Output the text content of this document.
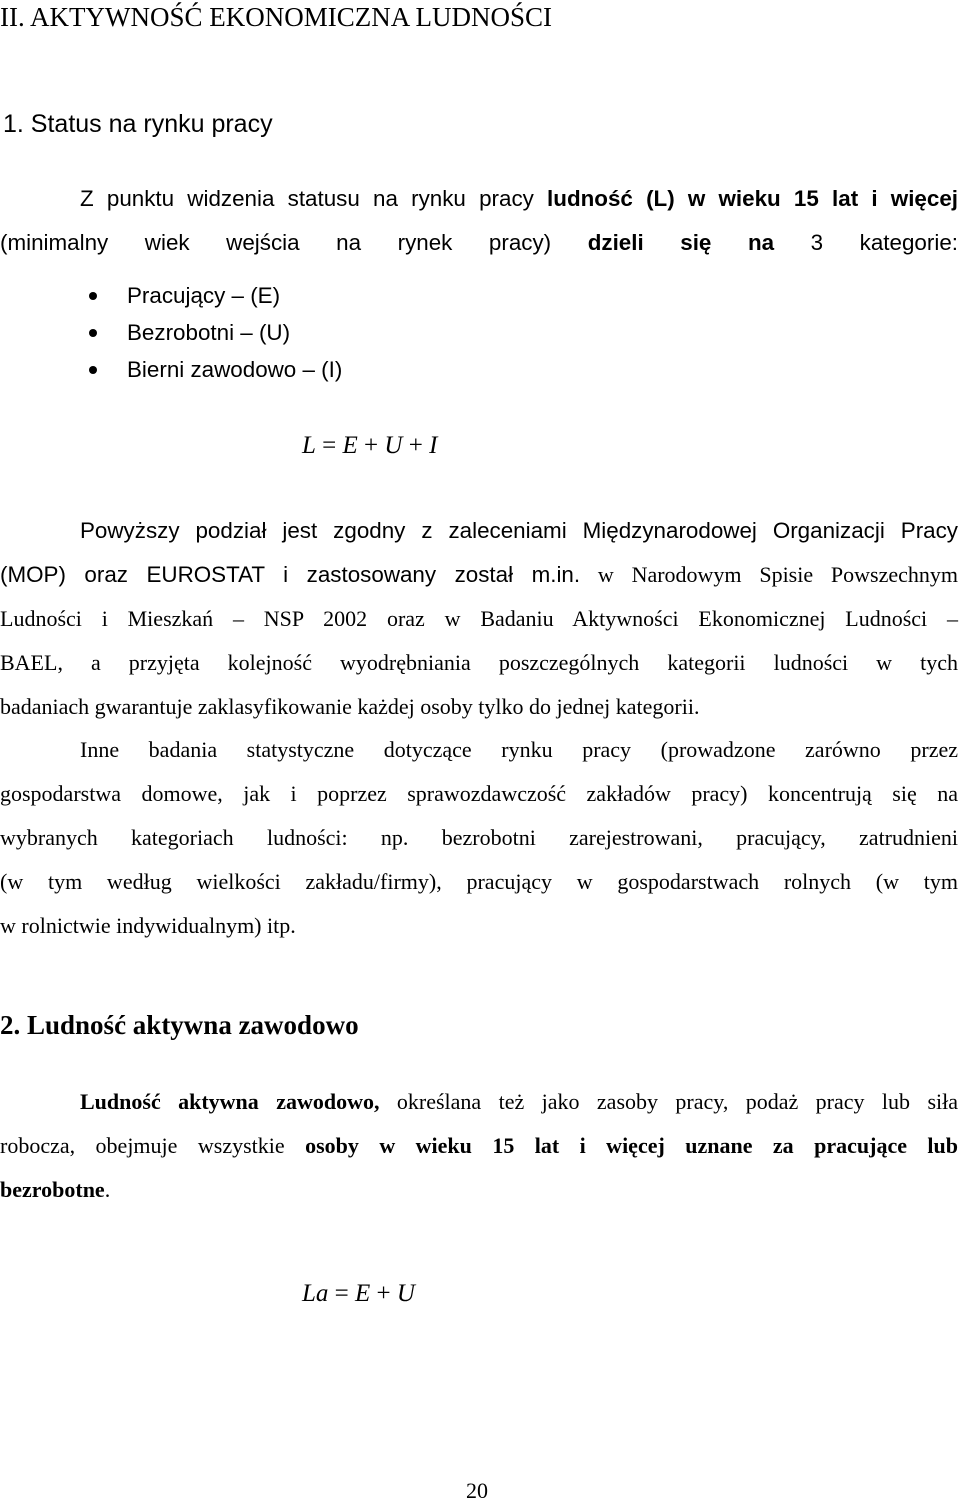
II. AKTYWNOŚĆ EKONOMICZNA LUDNOŚCI
1. Status na rynku pracy
Z punktu widzenia statusu na rynku pracy ludność (L) w wieku 15 lat i więcej
(minimalny wiek wejścia na rynek pracy) dzieli się na 3 kategorie:
Pracujący – (E)
Bezrobotni – (U)
Bierni zawodowo – (I)
L = E + U + I
Powyższy podział jest zgodny z zaleceniami Międzynarodowej Organizacji Pracy
(MOP) oraz EUROSTAT i zastosowany został m.in. w Narodowym Spisie Powszechnym
Ludności i Mieszkań – NSP 2002 oraz w Badaniu Aktywności Ekonomicznej Ludności –
BAEL, a przyjęta kolejność wyodrębniania poszczególnych kategorii ludności w tych
badaniach gwarantuje zaklasyfikowanie każdej osoby tylko do jednej kategorii.
Inne badania statystyczne dotyczące rynku pracy (prowadzone zarówno przez
gospodarstwa domowe, jak i poprzez sprawozdawczość zakładów pracy) koncentrują się na
wybranych kategoriach ludności: np. bezrobotni zarejestrowani, pracujący, zatrudnieni
(w tym według wielkości zakładu/firmy), pracujący w gospodarstwach rolnych (w tym
w rolnictwie indywidualnym) itp.
2. Ludność aktywna zawodowo
Ludność aktywna zawodowo, określana też jako zasoby pracy, podaż pracy lub siła
robocza, obejmuje wszystkie osoby w wieku 15 lat i więcej uznane za pracujące lub
bezrobotne.
La = E + U
20
